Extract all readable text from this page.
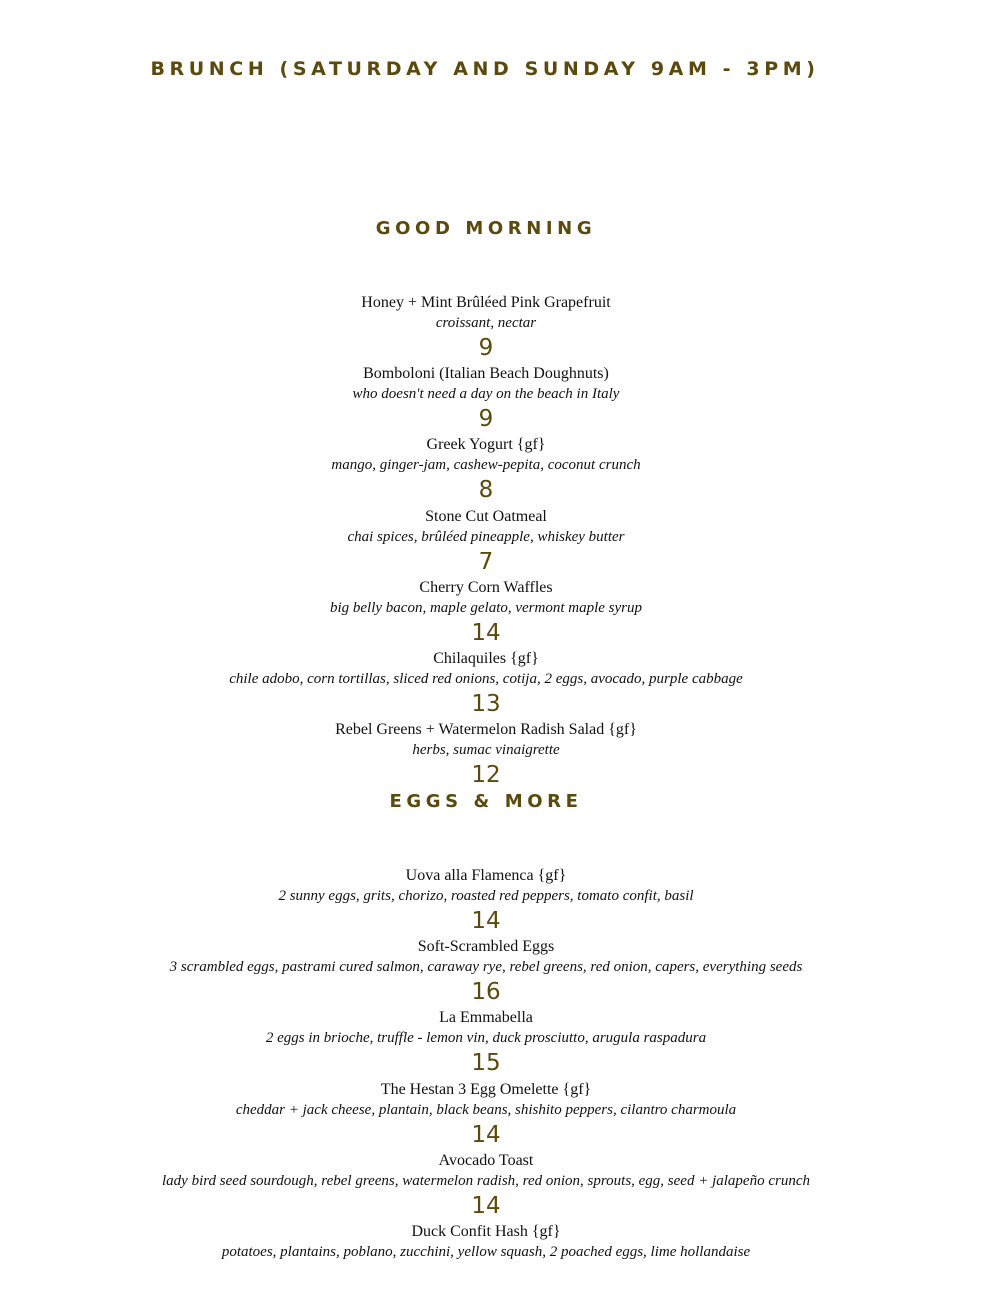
BRUNCH (SATURDAY AND SUNDAY 9AM - 3PM)
GOOD MORNING
Honey + Mint Brûléed Pink Grapefruit
croissant, nectar
9
Bomboloni (Italian Beach Doughnuts)
who doesn't need a day on the beach in Italy
9
Greek Yogurt {gf}
mango, ginger-jam, cashew-pepita, coconut crunch
8
Stone Cut Oatmeal
chai spices, brûléed pineapple, whiskey butter
7
Cherry Corn Waffles
big belly bacon, maple gelato, vermont maple syrup
14
Chilaquiles {gf}
chile adobo, corn tortillas, sliced red onions, cotija, 2 eggs, avocado, purple cabbage
13
Rebel Greens + Watermelon Radish Salad {gf}
herbs, sumac vinaigrette
12
EGGS & MORE
Uova alla Flamenca {gf}
2 sunny eggs, grits, chorizo, roasted red peppers, tomato confit, basil
14
Soft-Scrambled Eggs
3 scrambled eggs, pastrami cured salmon, caraway rye, rebel greens, red onion, capers, everything seeds
16
La Emmabella
2 eggs in brioche, truffle - lemon vin, duck prosciutto, arugula raspadura
15
The Hestan 3 Egg Omelette {gf}
cheddar + jack cheese, plantain, black beans, shishito peppers, cilantro charmoula
14
Avocado Toast
lady bird seed sourdough, rebel greens, watermelon radish, red onion, sprouts, egg, seed + jalapeño crunch
14
Duck Confit Hash {gf}
potatoes, plantains, poblano, zucchini, yellow squash, 2 poached eggs, lime hollandaise
